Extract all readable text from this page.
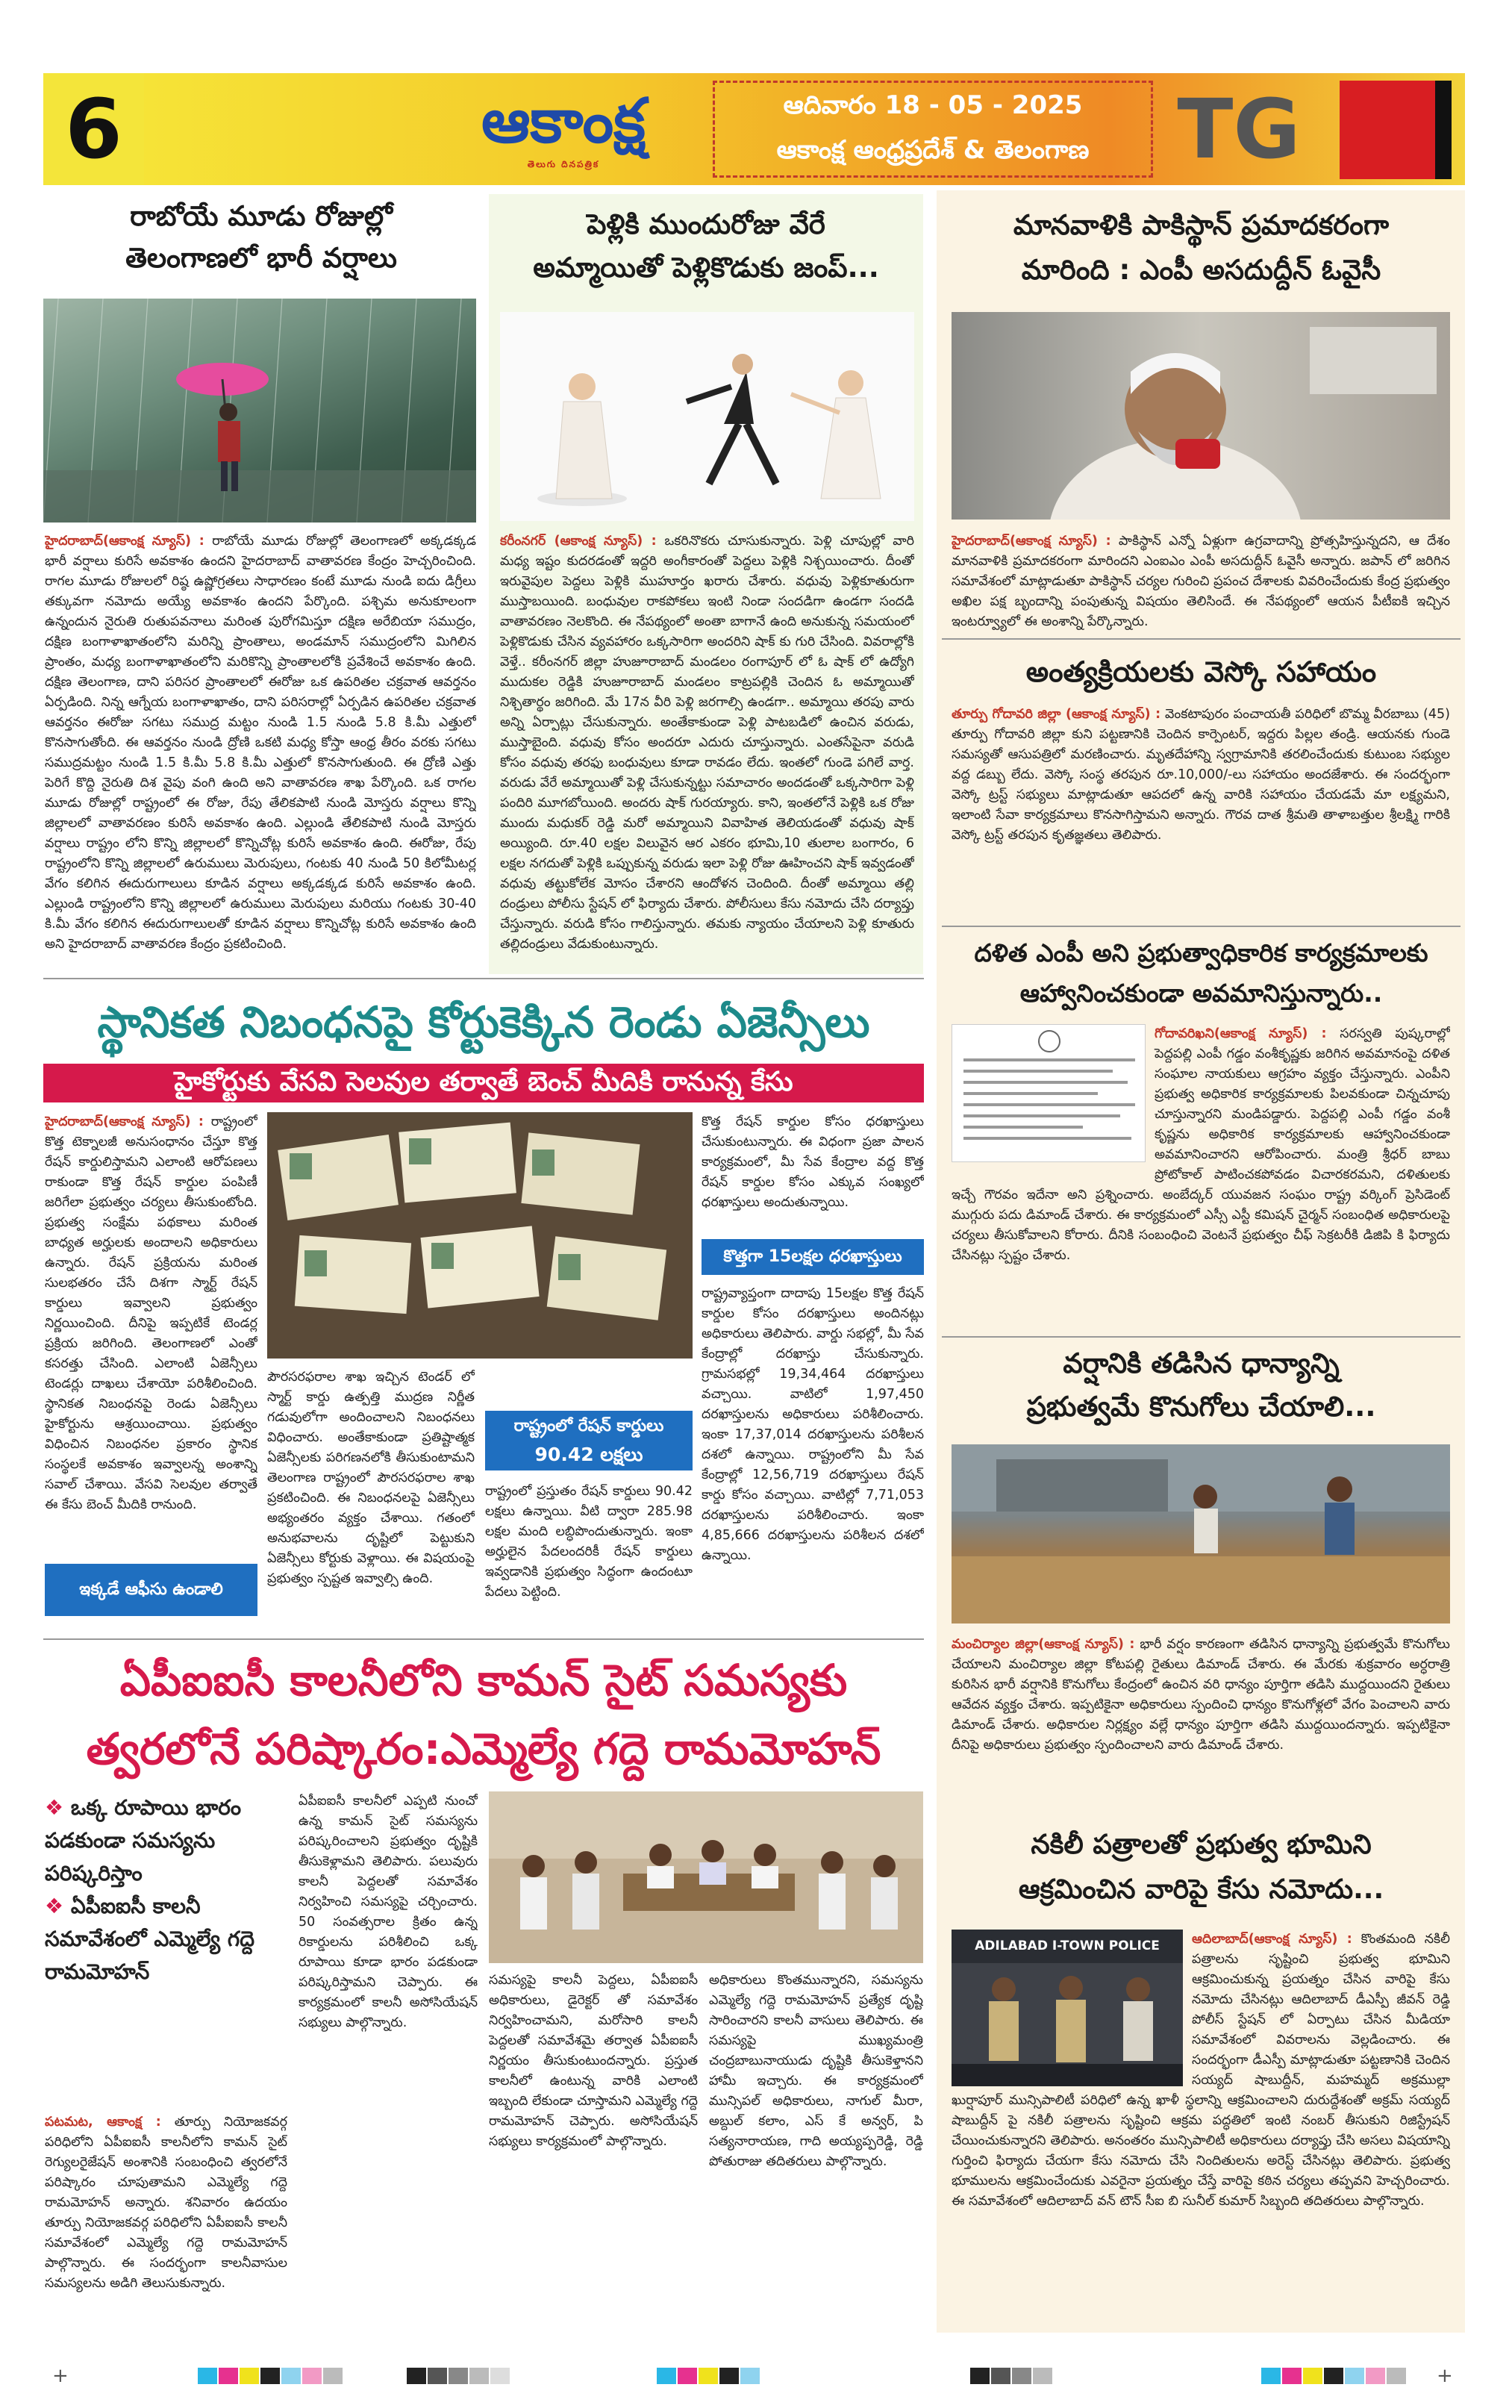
6	ఆకాంక్ష
తెలుగు దినపత్రిక
ఆదివారం 18 - 05 - 2025
ఆకాంక్ష ఆంధ్రప్రదేశ్ & తెలంగాణ	TG
రాబోయే మూడు రోజుల్లో
తెలంగాణలో భారీ వర్షాలు
హైదరాబాద్(ఆకాంక్ష న్యూస్) : రాబోయే మూడు రోజుల్లో తెలంగాణలో అక్కడక్కడ భారీ వర్షాలు కురిసే అవకాశం ఉందని హైదరాబాద్ వాతావరణ కేంద్రం హెచ్చరించింది. రాగల మూడు రోజులలో రిష్ఠ ఉష్ణోగ్రతలు సాధారణం కంటే మూడు నుండి ఐదు డిగ్రీలు తక్కువగా నమోదు అయ్యే అవకాశం ఉందని పేర్కొంది. పశ్చిమ అనుకూలంగా ఉన్నందున నైరుతి రుతుపవనాలు మరింత పురోగమిస్తూ దక్షిణ అరేబియా సముద్రం, దక్షిణ బంగాళాఖాతంలోని మరిన్ని ప్రాంతాలు, అండమాన్ సముద్రంలోని మిగిలిన ప్రాంతం, మధ్య బంగాళాఖాతంలోని మరికొన్ని ప్రాంతాలలోకి ప్రవేశించే అవకాశం ఉంది. దక్షిణ తెలంగాణ, దాని పరిసర ప్రాంతాలలో ఈరోజు ఒక ఉపరితల చక్రవాత ఆవర్తనం ఏర్పడింది. నిన్న ఆగ్నేయ బంగాళాఖాతం, దాని పరిసరాల్లో ఏర్పడిన ఉపరితల చక్రవాత ఆవర్తనం ఈరోజు సగటు సముద్ర మట్టం నుండి 1.5 నుండి 5.8 కి.మీ ఎత్తులో కొనసాగుతోంది. ఈ ఆవర్తనం నుండి ద్రోణి ఒకటి మధ్య కోస్తా ఆంధ్ర తీరం వరకు సగటు సముద్రమట్టం నుండి 1.5 కి.మీ 5.8 కి.మీ ఎత్తులో కొనసాగుతుంది. ఈ ద్రోణి ఎత్తు పెరిగే కొద్ది నైరుతి దిశ వైపు వంగి ఉంది అని వాతావరణ శాఖ పేర్కొంది. ఒక రాగల మూడు రోజుల్లో రాష్ట్రంలో ఈ రోజు, రేపు తేలికపాటి నుండి మోస్తరు వర్షాలు కొన్ని జిల్లాలలో వాతావరణం కురిసే అవకాశం ఉంది. ఎల్లుండి తేలికపాటి నుండి మోస్తరు వర్షాలు రాష్ట్రం లోని కొన్ని జిల్లాలలో కొన్నిచోట్ల కురిసే అవకాశం ఉంది. ఈరోజు, రేపు రాష్ట్రంలోని కొన్ని జిల్లాలలో ఉరుములు మెరుపులు, గంటకు 40 నుండి 50 కిలోమీటర్ల వేగం కలిగిన ఈదురుగాలులు కూడిన వర్షాలు అక్కడక్కడ కురిసే అవకాశం ఉంది. ఎల్లుండి రాష్ట్రంలోని కొన్ని జిల్లాలలో ఉరుములు మెరుపులు మరియు గంటకు 30-40 కి.మీ వేగం కలిగిన ఈదురుగాలులతో కూడిన వర్షాలు కొన్నిచోట్ల కురిసే అవకాశం ఉంది అని హైదరాబాద్ వాతావరణ కేంద్రం ప్రకటించింది.
పెళ్లికి ముందురోజు వేరే
అమ్మాయితో పెళ్లికొడుకు జంప్...
కరీంనగర్ (ఆకాంక్ష న్యూస్) : ఒకరినొకరు చూసుకున్నారు. పెళ్లి చూపుల్లో వారి మధ్య ఇష్టం కుదరడంతో ఇద్దరి అంగీకారంతో పెద్దలు పెళ్లికి నిశ్చయించారు. దీంతో ఇరువైపుల పెద్దలు పెళ్లికి ముహూర్తం ఖరారు చేశారు. వధువు పెళ్లికూతురుగా ముస్తాబయింది. బంధువుల రాకపోకలు ఇంటి నిండా సందడిగా ఉండగా సందడి వాతావరణం నెలకొంది. ఈ నేపథ్యంలో అంతా బాగానే ఉంది అనుకున్న సమయంలో పెళ్లికొడుకు చేసిన వ్యవహారం ఒక్కసారిగా అందరిని షాక్ కు గురి చేసింది. వివరాల్లోకి వెళ్తే.. కరీంనగర్ జిల్లా హుజూరాబాద్ మండలం రంగాపూర్ లో ఓ షాక్ లో ఉద్యోగి ముదుకల రెడ్డికి హుజూరాబాద్ మండలం కాట్రపల్లికి చెందిన ఓ అమ్మాయితో నిశ్చితార్థం జరిగింది. మే 17న వీరి పెళ్లి జరగాల్సి ఉండగా.. అమ్మాయి తరపు వారు అన్ని ఏర్పాట్లు చేసుకున్నారు. అంతేకాకుండా పెళ్లి పాటబడిలో ఉంచిన వరుడు, ముస్తాబైంది. వధువు కోసం అందరూ ఎదురు చూస్తున్నారు. ఎంతసేపైనా వరుడి కోసం వధువు తరఫు బంధువులు కూడా రావడం లేదు. ఇంతలో గుండె పగిలే వార్త. వరుడు వేరే అమ్మాయితో పెళ్లి చేసుకున్నట్టు సమాచారం అందడంతో ఒక్కసారిగా పెళ్లి పందిరి మూగబోయింది. అందరు షాక్ గురయ్యారు. కాని, ఇంతలోనే పెళ్లికి ఒక రోజు ముందు మధుకర్ రెడ్డి మరో అమ్మాయిని వివాహిత తెలియడంతో వధువు షాక్ అయ్యింది. రూ.40 లక్షల విలువైన ఆర ఎకరం భూమి,10 తులాల బంగారం, 6 లక్షల నగదుతో పెళ్లికి ఒప్పుకున్న వరుడు ఇలా పెళ్లి రోజు ఊహించని షాక్ ఇవ్వడంతో వధువు తట్టుకోలేక మోసం చేశారని ఆందోళన చెందింది. దీంతో అమ్మాయి తల్లి దండ్రులు పోలీసు స్టేషన్ లో ఫిర్యాదు చేశారు. పోలీసులు కేసు నమోదు చేసి దర్యాప్తు చేస్తున్నారు. వరుడి కోసం గాలిస్తున్నారు. తమకు న్యాయం చేయాలని పెళ్లి కూతురు తల్లిదండ్రులు వేడుకుంటున్నారు.
మానవాళికి పాకిస్థాన్ ప్రమాదకరంగా
మారింది : ఎంపీ అసదుద్దీన్ ఓవైసీ
హైదరాబాద్(ఆకాంక్ష న్యూస్) : పాకిస్థాన్ ఎన్నో ఏళ్లుగా ఉగ్రవాదాన్ని ప్రోత్సహిస్తున్నదని, ఆ దేశం మానవాళికి ప్రమాదకరంగా మారిందని ఎంఐఎం ఎంపీ అసదుద్దీన్ ఓవైసీ అన్నారు. జపాన్ లో జరిగిన సమావేశంలో మాట్లాడుతూ పాకిస్థాన్ చర్యల గురించి ప్రపంచ దేశాలకు వివరించేందుకు కేంద్ర ప్రభుత్వం అఖిల పక్ష బృందాన్ని పంపుతున్న విషయం తెలిసిందే. ఈ నేపథ్యంలో ఆయన పీటీఐకి ఇచ్చిన ఇంటర్వ్యూలో ఈ అంశాన్ని పేర్కొన్నారు.
అంత్యక్రియలకు వెస్కో సహాయం
తూర్పు గోదావరి జిల్లా (ఆకాంక్ష న్యూస్) : వెంకటాపురం పంచాయతీ పరిధిలో బొమ్మ వీరబాబు (45) తూర్పు గోదావరి జిల్లా కుని పట్టణానికి చెందిన కార్పెంటర్, ఇద్దరు పిల్లల తండ్రి. ఆయనకు గుండె సమస్యతో ఆసుపత్రిలో మరణించారు. మృతదేహాన్ని స్వగ్రామానికి తరలించేందుకు కుటుంబ సభ్యుల వద్ద డబ్బు లేదు. వెస్కో సంస్థ తరపున రూ.10,000/-లు సహాయం అందజేశారు. ఈ సందర్భంగా వెస్కో ట్రస్ట్ సభ్యులు మాట్లాడుతూ ఆపదలో ఉన్న వారికి సహాయం చేయడమే మా లక్ష్యమని, ఇలాంటి సేవా కార్యక్రమాలు కొనసాగిస్తామని అన్నారు. గౌరవ దాత శ్రీమతి తాళాబత్తుల శ్రీలక్ష్మి గారికి వెస్కో ట్రస్ట్ తరపున కృతజ్ఞతలు తెలిపారు.
దళిత ఎంపీ అని ప్రభుత్వాధికారిక కార్యక్రమాలకు
ఆహ్వానించకుండా అవమానిస్తున్నారు..
గోదావరిఖని(ఆకాంక్ష న్యూస్) : సరస్వతి పుష్కరాల్లో పెద్దపల్లి ఎంపీ గడ్డం వంశీకృష్ణకు జరిగిన అవమానంపై దళిత సంఘాల నాయకులు ఆగ్రహం వ్యక్తం చేస్తున్నారు. ఎంపీని ప్రభుత్వ అధికారిక కార్యక్రమాలకు పిలవకుండా చిన్నచూపు చూస్తున్నారని మండిపడ్డారు. పెద్దపల్లి ఎంపీ గడ్డం వంశీ కృష్ణను అధికారిక కార్యక్రమాలకు ఆహ్వానించకుండా అవమానించారని ఆరోపించారు. మంత్రి శ్రీధర్ బాబు ప్రోటోకాల్ పాటించకపోవడం విచారకరమని, దళితులకు ఇచ్చే గౌరవం ఇదేనా అని ప్రశ్నించారు. అంబేద్కర్ యువజన సంఘం రాష్ట్ర వర్కింగ్ ప్రెసిడెంట్ ముగ్గురు పదు డిమాండ్ చేశారు. ఈ కార్యక్రమంలో ఎస్సీ ఎస్టీ కమిషన్ చైర్మన్ సంబంధిత అధికారులపై చర్యలు తీసుకోవాలని కోరారు. దీనికి సంబంధించి వెంటనే ప్రభుత్వం చీఫ్ సెక్రటరీకి డిజిపి కి ఫిర్యాదు చేసినట్లు స్పష్టం చేశారు.
వర్షానికి తడిసిన ధాన్యాన్ని
ప్రభుత్వమే కొనుగోలు చేయాలి...
మంచిర్యాల జిల్లా(ఆకాంక్ష న్యూస్) : భారీ వర్షం కారణంగా తడిసిన ధాన్యాన్ని ప్రభుత్వమే కొనుగోలు చేయాలని మంచిర్యాల జిల్లా కోటపల్లి రైతులు డిమాండ్ చేశారు. ఈ మేరకు శుక్రవారం అర్ధరాత్రి కురిసిన భారీ వర్షానికి కొనుగోలు కేంద్రంలో ఉంచిన వరి ధాన్యం పూర్తిగా తడిసి ముద్దయిందని రైతులు ఆవేదన వ్యక్తం చేశారు. ఇప్పటికైనా అధికారులు స్పందించి ధాన్యం కొనుగోళ్లలో వేగం పెంచాలని వారు డిమాండ్ చేశారు. అధికారుల నిర్లక్ష్యం వల్లే ధాన్యం పూర్తిగా తడిసి ముద్దయిందన్నారు. ఇప్పటికైనా దీనిపై అధికారులు ప్రభుత్వం స్పందించాలని వారు డిమాండ్ చేశారు.
నకిలీ పత్రాలతో ప్రభుత్వ భూమిని
ఆక్రమించిన వారిపై కేసు నమోదు...
ADILABAD I-TOWN POLICE	ఆదిలాబాద్(ఆకాంక్ష న్యూస్) : కొంతమంది నకిలీ పత్రాలను సృష్టించి ప్రభుత్వ భూమిని ఆక్రమించుకున్న ప్రయత్నం చేసిన వారిపై కేసు నమోదు చేసినట్లు ఆదిలాబాద్ డీఎస్పీ జీవన్ రెడ్డి పోలీస్ స్టేషన్ లో ఏర్పాటు చేసిన మీడియా సమావేశంలో వివరాలను వెల్లడించారు. ఈ సందర్భంగా డీఎస్పీ మాట్లాడుతూ పట్టణానికి చెందిన సయ్యద్ షాబుద్దీన్, మహమ్మద్ అక్రముల్లా ఖుర్షాపూర్ మున్సిపాలిటీ పరిధిలో ఉన్న ఖాళీ స్థలాన్ని ఆక్రమించాలని దురుద్దేశంతో అక్రమ్ సయ్యద్ షాబుద్దీన్ పై నకిలీ పత్రాలను సృష్టించి ఆక్రమ పద్ధతిలో ఇంటి నంబర్ తీసుకుని రిజిస్ట్రేషన్ చేయించుకున్నారని తెలిపారు. అనంతరం మున్సిపాలిటీ అధికారులు దర్యాప్తు చేసి అసలు విషయాన్ని గుర్తించి ఫిర్యాదు చేయగా కేసు నమోదు చేసి నిందితులను అరెస్ట్ చేసినట్లు తెలిపారు. ప్రభుత్వ భూములను ఆక్రమించేందుకు ఎవరైనా ప్రయత్నం చేస్తే వారిపై కఠిన చర్యలు తప్పవని హెచ్చరించారు. ఈ సమావేశంలో ఆదిలాబాద్ వన్ టౌన్ సీఐ బి సునీల్ కుమార్ సిబ్బంది తదితరులు పాల్గొన్నారు.
స్థానికత నిబంధనపై కోర్టుకెక్కిన రెండు ఏజెన్సీలు
హైకోర్టుకు వేసవి సెలవుల తర్వాతే బెంచ్ మీదికి రానున్న కేసు
హైదరాబాద్(ఆకాంక్ష న్యూస్) : రాష్ట్రంలో కొత్త టెక్నాలజీ అనుసంధానం చేస్తూ కొత్త రేషన్ కార్డులిస్తామని ఎలాంటి ఆరోపణలు రాకుండా కొత్త రేషన్ కార్డుల పంపిణీ జరిగేలా ప్రభుత్వం చర్యలు తీసుకుంటోంది. ప్రభుత్వ సంక్షేమ పథకాలు మరింత బాధ్యత అర్హులకు అందాలని అధికారులు ఉన్నారు. రేషన్ ప్రక్రియను మరింత సులభతరం చేసే దిశగా స్మార్ట్ రేషన్ కార్డులు ఇవ్వాలని ప్రభుత్వం నిర్ణయించింది. దీనిపై ఇప్పటికే టెండర్ల ప్రక్రియ జరిగింది. తెలంగాణలో ఎంతో కసరత్తు చేసింది. ఎలాంటి ఏజెన్సీలు టెండర్లు దాఖలు చేశాయో పరిశీలించింది. స్థానికత నిబంధనపై రెండు ఏజెన్సీలు హైకోర్టును ఆశ్రయించాయి. ప్రభుత్వం విధించిన నిబంధనల ప్రకారం స్థానిక సంస్థలకే అవకాశం ఇవ్వాలన్న అంశాన్ని సవాల్ చేశాయి. వేసవి సెలవుల తర్వాతే ఈ కేసు బెంచ్ మీదికి రానుంది.
కొత్త రేషన్ కార్డుల కోసం ధరఖాస్తులు చేసుకుంటున్నారు. ఈ విధంగా ప్రజా పాలన కార్యక్రమంలో, మీ సేవ కేంద్రాల వద్ద కొత్త రేషన్ కార్డుల కోసం ఎక్కువ సంఖ్యలో ధరఖాస్తులు అందుతున్నాయి.
కొత్తగా 15లక్షల ధరఖాస్తులు
రాష్ట్రవ్యాప్తంగా దాదాపు 15లక్షల కొత్త రేషన్ కార్డుల కోసం దరఖాస్తులు అందినట్లు అధికారులు తెలిపారు. వార్డు సభల్లో, మీ సేవ కేంద్రాల్లో దరఖాస్తు చేసుకున్నారు. గ్రామసభల్లో 19,34,464 దరఖాస్తులు వచ్చాయి. వాటిలో 1,97,450 దరఖాస్తులను అధికారులు పరిశీలించారు. ఇంకా 17,37,014 దరఖాస్తులను పరిశీలన దశలో ఉన్నాయి. రాష్ట్రంలోని మీ సేవ కేంద్రాల్లో 12,56,719 దరఖాస్తులు రేషన్ కార్డు కోసం వచ్చాయి. వాటిల్లో 7,71,053 దరఖాస్తులను పరిశీలించారు. ఇంకా 4,85,666 దరఖాస్తులను పరిశీలన దశలో ఉన్నాయి.
పౌరసరఫరాల శాఖ ఇచ్చిన టెండర్ లో స్మార్ట్ కార్డు ఉత్పత్తి ముద్రణ నిర్ణీత గడువులోగా అందించాలని నిబంధనలు విధించారు. అంతేకాకుండా ప్రతిష్టాత్మక ఏజెన్సీలకు పరిగణనలోకి తీసుకుంటామని తెలంగాణ రాష్ట్రంలో పౌరసరఫరాల శాఖ ప్రకటించింది. ఈ నిబంధనలపై ఏజెన్సీలు అభ్యంతరం వ్యక్తం చేశాయి. గతంలో అనుభవాలను దృష్టిలో పెట్టుకుని ఏజెన్సీలు కోర్టుకు వెళ్లాయి. ఈ విషయంపై ప్రభుత్వం స్పష్టత ఇవ్వాల్సి ఉంది.
రాష్ట్రంలో రేషన్ కార్డులు
90.42 లక్షలు
రాష్ట్రంలో ప్రస్తుతం రేషన్ కార్డులు 90.42 లక్షలు ఉన్నాయి. వీటి ద్వారా 285.98 లక్షల మంది లబ్ధిపొందుతున్నారు. ఇంకా అర్హులైన పేదలందరికీ రేషన్ కార్డులు ఇవ్వడానికి ప్రభుత్వం సిద్ధంగా ఉందంటూ పేదలు పెట్టింది.
ఇక్కడే ఆఫీసు ఉండాలి
ఏపీఐఐసీ కాలనీలోని కామన్ సైట్ సమస్యకు
త్వరలోనే పరిష్కారం:ఎమ్మెల్యే గద్దె రామమోహన్
❖ ఒక్క రూపాయి భారం పడకుండా సమస్యను పరిష్కరిస్తాం
❖ ఏపీఐఐసీ కాలనీ సమావేశంలో ఎమ్మెల్యే గద్దె రామమోహన్
పటమట, ఆకాంక్ష : తూర్పు నియోజకవర్గ పరిధిలోని ఏపీఐఐసీ కాలనీలోని కామన్ సైట్ రెగ్యులరైజేషన్ అంశానికి సంబంధించి త్వరలోనే పరిష్కారం చూపుతామని ఎమ్మెల్యే గద్దె రామమోహన్ అన్నారు. శనివారం ఉదయం తూర్పు నియోజకవర్గ పరిధిలోని ఏపీఐఐసీ కాలనీ సమావేశంలో ఎమ్మెల్యే గద్దె రామమోహన్ పాల్గొన్నారు. ఈ సందర్భంగా కాలనీవాసుల సమస్యలను అడిగి తెలుసుకున్నారు.
ఏపీఐఐసీ కాలనీలో ఎప్పటి నుంచో ఉన్న కామన్ సైట్ సమస్యను పరిష్కరించాలని ప్రభుత్వం దృష్టికి తీసుకెళ్లామని తెలిపారు. పలువురు కాలనీ పెద్దలతో సమావేశం నిర్వహించి సమస్యపై చర్చించారు. 50 సంవత్సరాల క్రితం ఉన్న రికార్డులను పరిశీలించి ఒక్క రూపాయి కూడా భారం పడకుండా పరిష్కరిస్తామని చెప్పారు. ఈ కార్యక్రమంలో కాలనీ అసోసియేషన్ సభ్యులు పాల్గొన్నారు.
సమస్యపై కాలనీ పెద్దలు, ఏపీఐఐసీ అధికారులు, డైరెక్టర్ తో సమావేశం నిర్వహించామని, మరోసారి కాలనీ పెద్దలతో సమావేశమై తర్వాత ఏపీఐఐసీ నిర్ణయం తీసుకుంటుందన్నారు. ప్రస్తుత కాలనీలో ఉంటున్న వారికి ఎలాంటి ఇబ్బంది లేకుండా చూస్తామని ఎమ్మెల్యే గద్దె రామమోహన్ చెప్పారు. అసోసియేషన్ సభ్యులు కార్యక్రమంలో పాల్గొన్నారు.
అధికారులు కొంతమున్నారని, సమస్యను ఎమ్మెల్యే గద్దె రామమోహన్ ప్రత్యేక దృష్టి సారించారని కాలనీ వాసులు తెలిపారు. ఈ సమస్యపై ముఖ్యమంత్రి చంద్రబాబునాయుడు దృష్టికి తీసుకెళ్తానని హామీ ఇచ్చారు. ఈ కార్యక్రమంలో మున్సిపల్ అధికారులు, నాగుల్ మీరా, అబ్దుల్ కలాం, ఎస్ కే అన్వర్, పి సత్యనారాయణ, గాది అయ్యప్పరెడ్డి, రెడ్డి పోతురాజు తదితరులు పాల్గొన్నారు.
+	+
